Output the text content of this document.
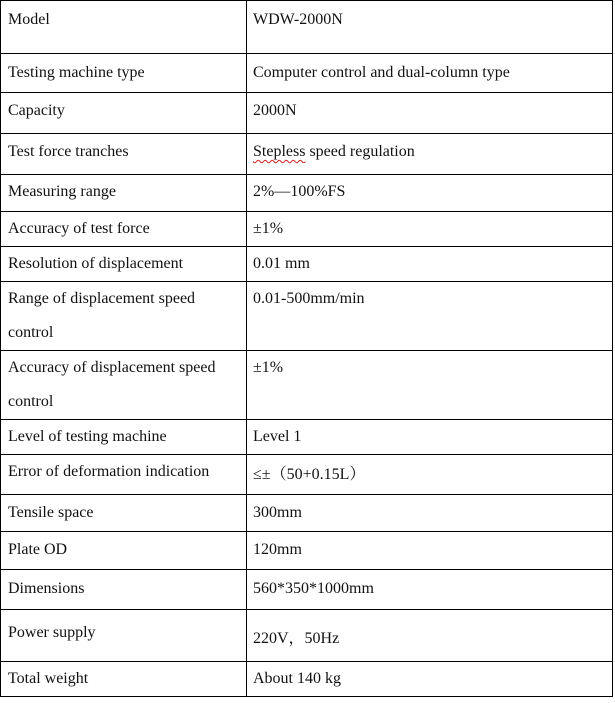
Model	WDW-2000N
Testing machine type	Computer control and dual-column type
Capacity	2000N
Test force tranches	Stepless speed regulation
Measuring range	2%—100%FS
Accuracy of test force	±1%
Resolution of displacement	0.01 mm
Range of displacement speed control	0.01-500mm/min
Accuracy of displacement speed control	±1%
Level of testing machine	Level 1
Error of deformation indication	≤±（50+0.15L）
Tensile space	300mm
Plate OD	120mm
Dimensions	560*350*1000mm
Power supply	220V，50Hz
Total weight	About 140 kg
